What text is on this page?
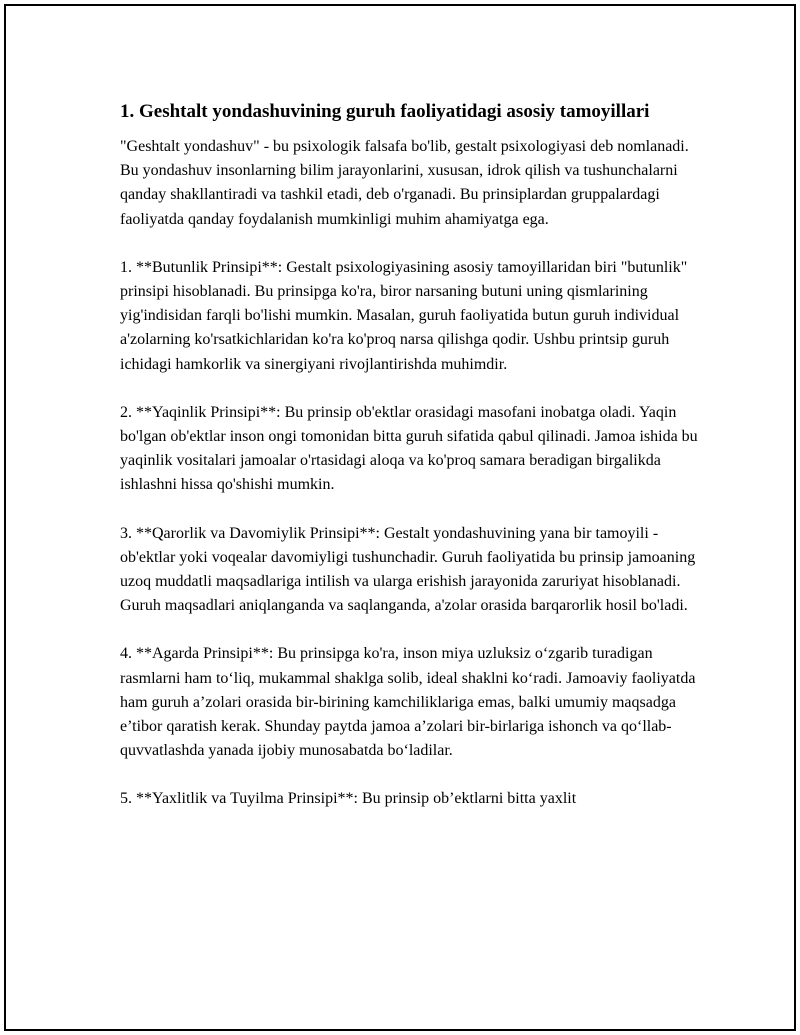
1. Geshtalt yondashuvining guruh faoliyatidagi asosiy tamoyillari

"Geshtalt yondashuv" - bu psixologik falsafa bo'lib, gestalt psixologiyasi deb nomlanadi. Bu yondashuv insonlarning bilim jarayonlarini, xususan, idrok qilish va tushunchalarni qanday shakllantiradi va tashkil etadi, deb o'rganadi. Bu prinsiplardan gruppalardagi faoliyatda qanday foydalanish mumkinligi muhim ahamiyatga ega.

1. **Butunlik Prinsipi**: Gestalt psixologiyasining asosiy tamoyillaridan biri "butunlik" prinsipi hisoblanadi. Bu prinsipga ko'ra, biror narsaning butuni uning qismlarining yig'indisidan farqli bo'lishi mumkin. Masalan, guruh faoliyatida butun guruh individual a'zolarning ko'rsatkichlaridan ko'ra ko'proq narsa qilishga qodir. Ushbu printsip guruh ichidagi hamkorlik va sinergiyani rivojlantirishda muhimdir.

2. **Yaqinlik Prinsipi**: Bu prinsip ob'ektlar orasidagi masofani inobatga oladi. Yaqin bo'lgan ob'ektlar inson ongi tomonidan bitta guruh sifatida qabul qilinadi. Jamoa ishida bu yaqinlik vositalari jamoalar o'rtasidagi aloqa va ko'proq samara beradigan birgalikda ishlashni hissa qo'shishi mumkin.

3. **Qarorlik va Davomiylik Prinsipi**: Gestalt yondashuvining yana bir tamoyili - ob'ektlar yoki voqealar davomiyligi tushunchadir. Guruh faoliyatida bu prinsip jamoaning uzoq muddatli maqsadlariga intilish va ularga erishish jarayonida zaruriyat hisoblanadi. Guruh maqsadlari aniqlanganda va saqlanganda, a'zolar orasida barqarorlik hosil bo'ladi.

4. **Agarda Prinsipi**: Bu prinsipga ko'ra, inson miya uzluksiz o‘zgarib turadigan rasmlarni ham to‘liq, mukammal shaklga solib, ideal shaklni ko‘radi. Jamoaviy faoliyatda ham guruh a’zolari orasida bir-birining kamchiliklariga emas, balki umumiy maqsadga e’tibor qaratish kerak. Shunday paytda jamoa a’zolari bir-birlariga ishonch va qo‘llab-quvvatlashda yanada ijobiy munosabatda bo‘ladilar.

5. **Yaxlitlik va Tuyilma Prinsipi**: Bu prinsip ob’ektlarni bitta yaxlit
